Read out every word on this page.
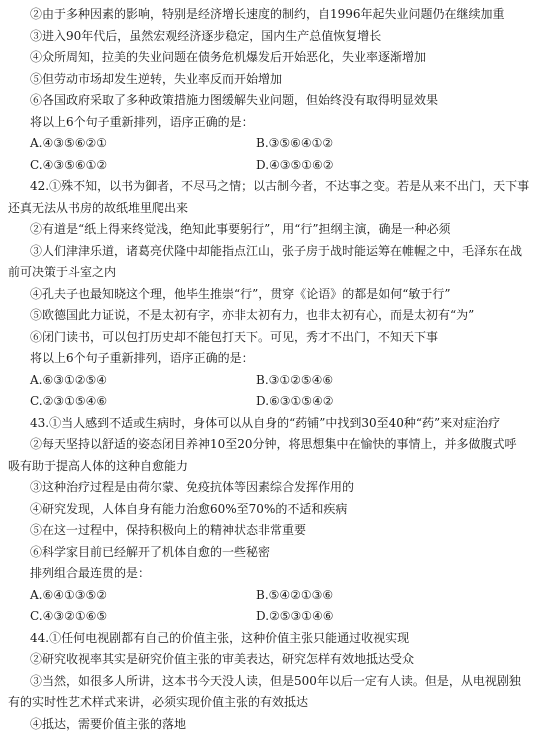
②由于多种因素的影响，特别是经济增长速度的制约，自1996年起失业问题仍在继续加重
③进入90年代后，虽然宏观经济逐步稳定，国内生产总值恢复增长
④众所周知，拉美的失业问题在债务危机爆发后开始恶化，失业率逐渐增加
⑤但劳动市场却发生逆转，失业率反而开始增加
⑥各国政府采取了多种政策措施力图缓解失业问题，但始终没有取得明显效果
将以上6个句子重新排列，语序正确的是：
A.④③⑤⑥②①	B.③⑤⑥④①②
C.④③⑤⑥①②	D.④③⑤①⑥②
42.①殊不知，以书为御者，不尽马之情；以古制今者，不达事之变。若是从来不出门，天下事
还真无法从书房的故纸堆里爬出来
②有道是“纸上得来终觉浅，绝知此事要躬行”，用“行”担纲主演，确是一种必须
③人们津津乐道，诸葛亮伏隆中却能指点江山，张子房于战时能运筹在帷幄之中，毛泽东在战
前可决策于斗室之内
④孔夫子也最知晓这个理，他毕生推崇“行”，贯穿《论语》的都是如何“敏于行”
⑤欧德国此力证说，不是太初有字，亦非太初有力，也非太初有心，而是太初有“为”
⑥闭门读书，可以包打历史却不能包打天下。可见，秀才不出门，不知天下事
将以上6个句子重新排列，语序正确的是：
A.⑥③①②⑤④	B.③①②⑤④⑥
C.②③①⑤④⑥	D.⑥③①⑤④②
43.①当人感到不适或生病时，身体可以从自身的“药铺”中找到30至40种“药”来对症治疗
②每天坚持以舒适的姿态闭目养神10至20分钟，将思想集中在愉快的事情上，并多做腹式呼
吸有助于提高人体的这种自愈能力
③这种治疗过程是由荷尔蒙、免疫抗体等因素综合发挥作用的
④研究发现，人体自身有能力治愈60%至70%的不适和疾病
⑤在这一过程中，保持积极向上的精神状态非常重要
⑥科学家目前已经解开了机体自愈的一些秘密
排列组合最连贯的是：
A.⑥④①③⑤②	B.⑤④②①③⑥
C.④③②①⑥⑤	D.②⑤③①④⑥
44.①任何电视剧都有自己的价值主张，这种价值主张只能通过收视实现
②研究收视率其实是研究价值主张的审美表达，研究怎样有效地抵达受众
③当然，如很多人所讲，这本书今天没人读，但是500年以后一定有人读。但是，从电视剧独
有的实时性艺术样式来讲，必须实现价值主张的有效抵达
④抵达，需要价值主张的落地
